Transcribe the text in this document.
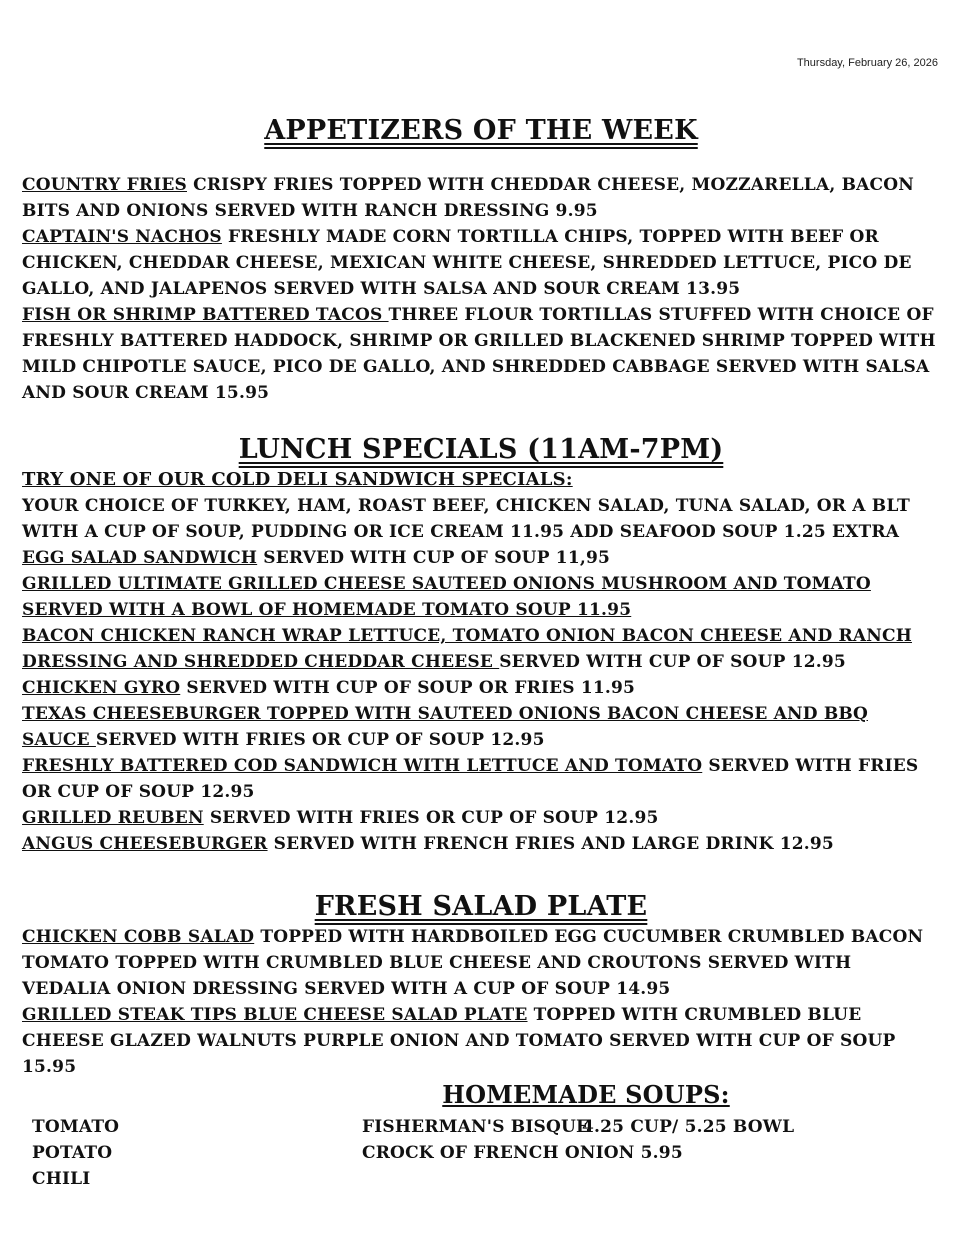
Thursday, February 26, 2026
APPETIZERS OF THE WEEK

COUNTRY FRIES CRISPY FRIES TOPPED WITH CHEDDAR CHEESE, MOZZARELLA, BACON BITS AND ONIONS SERVED WITH RANCH DRESSING 9.95

CAPTAIN'S NACHOS FRESHLY MADE CORN TORTILLA CHIPS, TOPPED WITH BEEF OR CHICKEN, CHEDDAR CHEESE, MEXICAN WHITE CHEESE, SHREDDED LETTUCE, PICO DE GALLO, AND JALAPENOS SERVED WITH SALSA AND SOUR CREAM 13.95

FISH OR SHRIMP BATTERED TACOS THREE FLOUR TORTILLAS STUFFED WITH CHOICE OF FRESHLY BATTERED HADDOCK, SHRIMP OR GRILLED BLACKENED SHRIMP TOPPED WITH MILD CHIPOTLE SAUCE, PICO DE GALLO, AND SHREDDED CABBAGE SERVED WITH SALSA AND SOUR CREAM 15.95

LUNCH SPECIALS (11AM-7PM)

TRY ONE OF OUR COLD DELI SANDWICH SPECIALS:

YOUR CHOICE OF TURKEY, HAM, ROAST BEEF, CHICKEN SALAD, TUNA SALAD, OR A BLT WITH A CUP OF SOUP, PUDDING OR ICE CREAM 11.95 ADD SEAFOOD SOUP 1.25 EXTRA

EGG SALAD SANDWICH SERVED WITH CUP OF SOUP 11,95

GRILLED ULTIMATE GRILLED CHEESE SAUTEED ONIONS MUSHROOM AND TOMATO SERVED WITH A BOWL OF HOMEMADE TOMATO SOUP 11.95

BACON CHICKEN RANCH WRAP LETTUCE, TOMATO ONION BACON CHEESE AND RANCH DRESSING AND SHREDDED CHEDDAR CHEESE SERVED WITH CUP OF SOUP 12.95

CHICKEN GYRO SERVED WITH CUP OF SOUP OR FRIES 11.95

TEXAS CHEESEBURGER TOPPED WITH SAUTEED ONIONS BACON CHEESE AND BBQ SAUCE SERVED WITH FRIES OR CUP OF SOUP 12.95

FRESHLY BATTERED COD SANDWICH WITH LETTUCE AND TOMATO SERVED WITH FRIES OR CUP OF SOUP 12.95

GRILLED REUBEN SERVED WITH FRIES OR CUP OF SOUP 12.95

ANGUS CHEESEBURGER SERVED WITH FRENCH FRIES AND LARGE DRINK 12.95

FRESH SALAD PLATE

CHICKEN COBB SALAD TOPPED WITH HARDBOILED EGG CUCUMBER CRUMBLED BACON TOMATO TOPPED WITH CRUMBLED BLUE CHEESE AND CROUTONS SERVED WITH VEDALIA ONION DRESSING SERVED WITH A CUP OF SOUP 14.95

GRILLED STEAK TIPS BLUE CHEESE SALAD PLATE TOPPED WITH CRUMBLED BLUE CHEESE GLAZED WALNUTS PURPLE ONION AND TOMATO SERVED WITH CUP OF SOUP 15.95

HOMEMADE SOUPS:
TOMATO
POTATO
CHILI
FISHERMAN'S BISQUE
4.25 CUP/ 5.25 BOWL
CROCK OF FRENCH ONION 5.95
